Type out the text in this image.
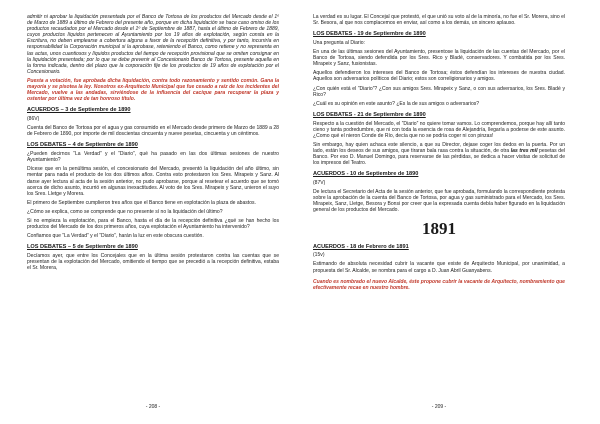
admitir ni aprobar la liquidación presentada por el Banco de Tortosa de los productos del Mercado desde el 1º de Marzo de 1889 a último de Febrero del presente año, porque en dicha liquidación se hace caso omiso de los productos recaudados por el Mercado desde el 1º de Septiembre de 1887, hasta el último de Febrero de 1889, cuyos productos líquidos pertenecen al Ayuntamiento por los 19 años de explotación, según consta en la Escritura, no deben emplearse a cobertura alguna a favor de la recepción definitiva, y por tanto, incurriría en responsabilidad la Corporación municipal si la aprobase, reteniendo el Banco, como retiene y no representa en las actas, unos cuantiosos y líquidos productos del tiempo de recepción provisional que se omiten consignar en la liquidación presentada; por lo que se debe prevenir al Concesionario Banco de Tortosa, presente aquella en la forma indicada, dentro del plazo que la corporación fije de los productos de 19 años de explotación por el Concesionario.

Puesta a votación, fue aprobada dicha liquidación, contra todo razonamiento y sentido común. Gana la mayoría y se pisotea la ley. Nosotros ex-Arquitecto Municipal que fue cesado a raíz de los incidentes del Mercado, vuelve a las andadas, sirviéndose de la influencia del cacique para recuperar la plaza y ostentar por última vez de tan honroso título.

ACUERDOS – 3 de Septiembre de 1890

(86V)

Cuenta del Banco de Tortosa por el agua y gas consumido en el Mercado desde primero de Marzo de 1889 a 28 de Febrero de 1890, por importe de mil doscientas cincuenta y nueve pesetas, cincuenta y un céntimos.

LOS DEBATES – 4 de Septiembre de 1890

¿Pueden decirnos “La Verdad” y el “Diario”, qué ha pasado en las dos últimas sesiones de nuestro Ayuntamiento?

Dícese que en la penúltima sesión, el concesionario del Mercado, presentó la liquidación del año último, sin mentar para nada el producto de los dos últimos años. Contra esto protestaron los Sres. Mirapeix y Sanz. Al darse ayer lectura al acta de la sesión anterior, no pudo aprobarse, porque al resetear el acuerdo que se tomó acerca de dicho asunto, incurrió en algunas inexactitudes. Al voto de los Sres. Mirapeix y Sanz, unieron el suyo los Sres. Lletge y Morera.

El primero de Septiembre cumplieron tres años que el Banco tiene en explotación la plaza de abastos.

¿Cómo se explica, como se comprende que no presente sí no la liquidación del último?

Si no empieza la explotación, para el Banco, hasta el día de la recepción definitiva ¿qué se han hecho los productos del Mercado de los dos primeros años, cuya explotación el Ayuntamiento ha intervenido?

Confiamos que “La Verdad” y el “Diario”, harán la luz en este obscura cuestión.

LOS DEBATES – 5 de Septiembre de 1890

Decíamos ayer, que entre los Concejales que en la última sesión protestaron contra las cuentas que se presentan de la explotación del Mercado, omitiendo el tiempo que se precedió a la recepción definitiva, estaba el Sr. Morera,

- 208 -

La verdad es su lugar. El Concejal que protestó, el que unió su voto al de la minoría, no fue el Sr. Morera, sino el Sr. Besora, al que nos complacemos en enviar, así como a los demás, un sincero aplauso.

LOS DEBATES - 19 de Septiembre de 1890

Una pregunta al Diario:

En una de las últimas sesiones del Ayuntamiento, presentose la liquidación de las cuentas del Mercado, por el Banco de Tortosa, siendo defendida por los Sres. Rico y Bladé, conservadores. Y combatida por los Sres. Mirapeix y Sanz, fusionistas.

Aquellos defendieron los intereses del Banco de Tortosa; éstos defendían los intereses de nuestra ciudad. Aquellos son adversarios políticos del Diario; estos son correligionarios y amigos.

¿Con quién está el “Diario”? ¿Con sus amigos Sres. Mirapeix y Sanz, o con sus adversarios, los Sres. Bladé y Rico?

¿Cuál es su opinión en este asunto? ¿Es la de sus amigos o adversarios?

LOS DEBATES - 21 de Septiembre de 1890

Respecto a la cuestión del Mercado, el “Diario” no quiere tomar vamos. Lo comprendemos, porque hay allí tanto cieno y tanta podredumbre, que ni con toda la esencia de rosa de Alejandría, llegaría a poderse de este asunto. ¿Como qué el nieron Conde de Río, decía que no se podría coger ni con pinzas!

Sin embargo, hay quien achaca este silencio, a que su Director, dejase coger los dedos en la puerta. Por un lado, están los deseos de sus amigos, que tiraran bala rasa contra la situación, de otra las tres mil pesetas del Banco. Por eso D. Manuel Domingo, para reservarse de las pérdidas, se dedica a hacer visitas de solicitud de los impresos del Teatro.

ACUERDOS - 10 de Septiembre de 1890

(87V)

De lectura el Secretario del Acta de la sesión anterior, que fue aprobada, formulando la correspondiente protesta sobre la aprobación de la cuenta del Banco de Tortosa, por agua y gas suministrado para el Mercado, los Sres. Mirapeix, Sanz, Lletge, Besora y Bonsi por creer que la expresada cuenta debía haber figurado en la liquidación general de los productos del Mercado.

1891
ACUERDOS - 18 de Febrero de 1891

(15v)

Estimando de absoluta necesidad cubrir la vacante que existe de Arquitecto Municipal, por unanimidad, a propuesta del Sr. Alcalde, se nombra para el cargo a D. Juan Abril Guanyabens.

Cuando es nombrado el nuevo Alcalde, éste propone cubrir la vacante de Arquitecto, nombramiento que efectivamente recae en nuestro hombre.

- 209 -
